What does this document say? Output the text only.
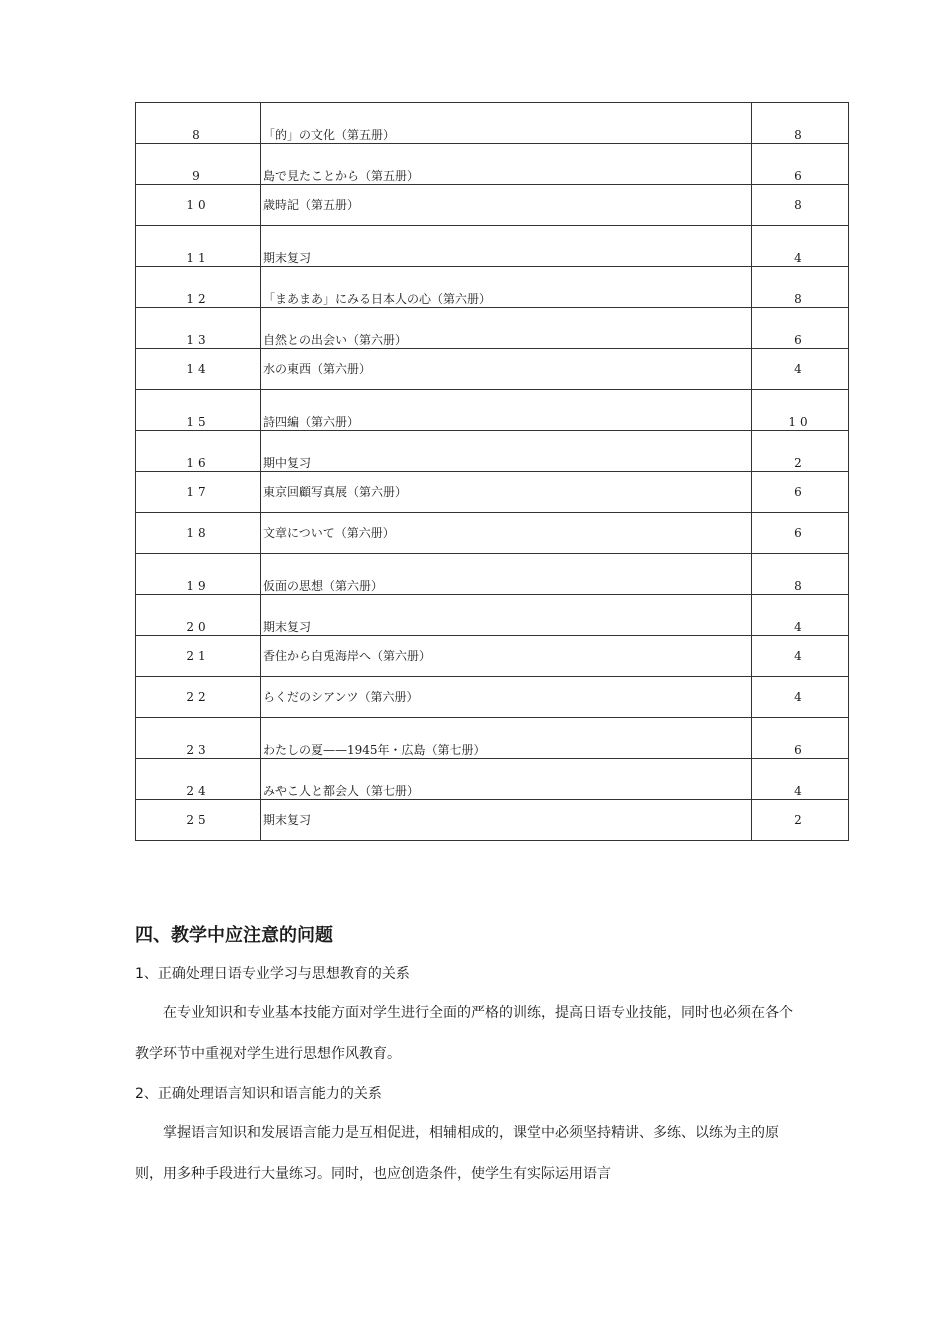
8	「的」の文化（第五册）	8
9	島で見たことから（第五册）	6
10	歳時記（第五册）	8
11	期末复习	4
12	「まあまあ」にみる日本人の心（第六册）	8
13	自然との出会い（第六册）	6
14	水の東西（第六册）	4
15	詩四編（第六册）	10
16	期中复习	2
17	東京回顧写真展（第六册）	6
18	文章について（第六册）	6
19	仮面の思想（第六册）	8
20	期末复习	4
21	香住から白兎海岸へ（第六册）	4
22	らくだのシアンツ（第六册）	4
23	わたしの夏——1945年・広島（第七册）	6
24	みやこ人と都会人（第七册）	4
25	期末复习	2
四、教学中应注意的问题
1、正确处理日语专业学习与思想教育的关系
在专业知识和专业基本技能方面对学生进行全面的严格的训练，提高日语专业技能，同时也必须在各个教学环节中重视对学生进行思想作风教育。
2、正确处理语言知识和语言能力的关系
掌握语言知识和发展语言能力是互相促进，相辅相成的，课堂中必须坚持精讲、多练、以练为主的原则，用多种手段进行大量练习。同时，也应创造条件，使学生有实际运用语言
